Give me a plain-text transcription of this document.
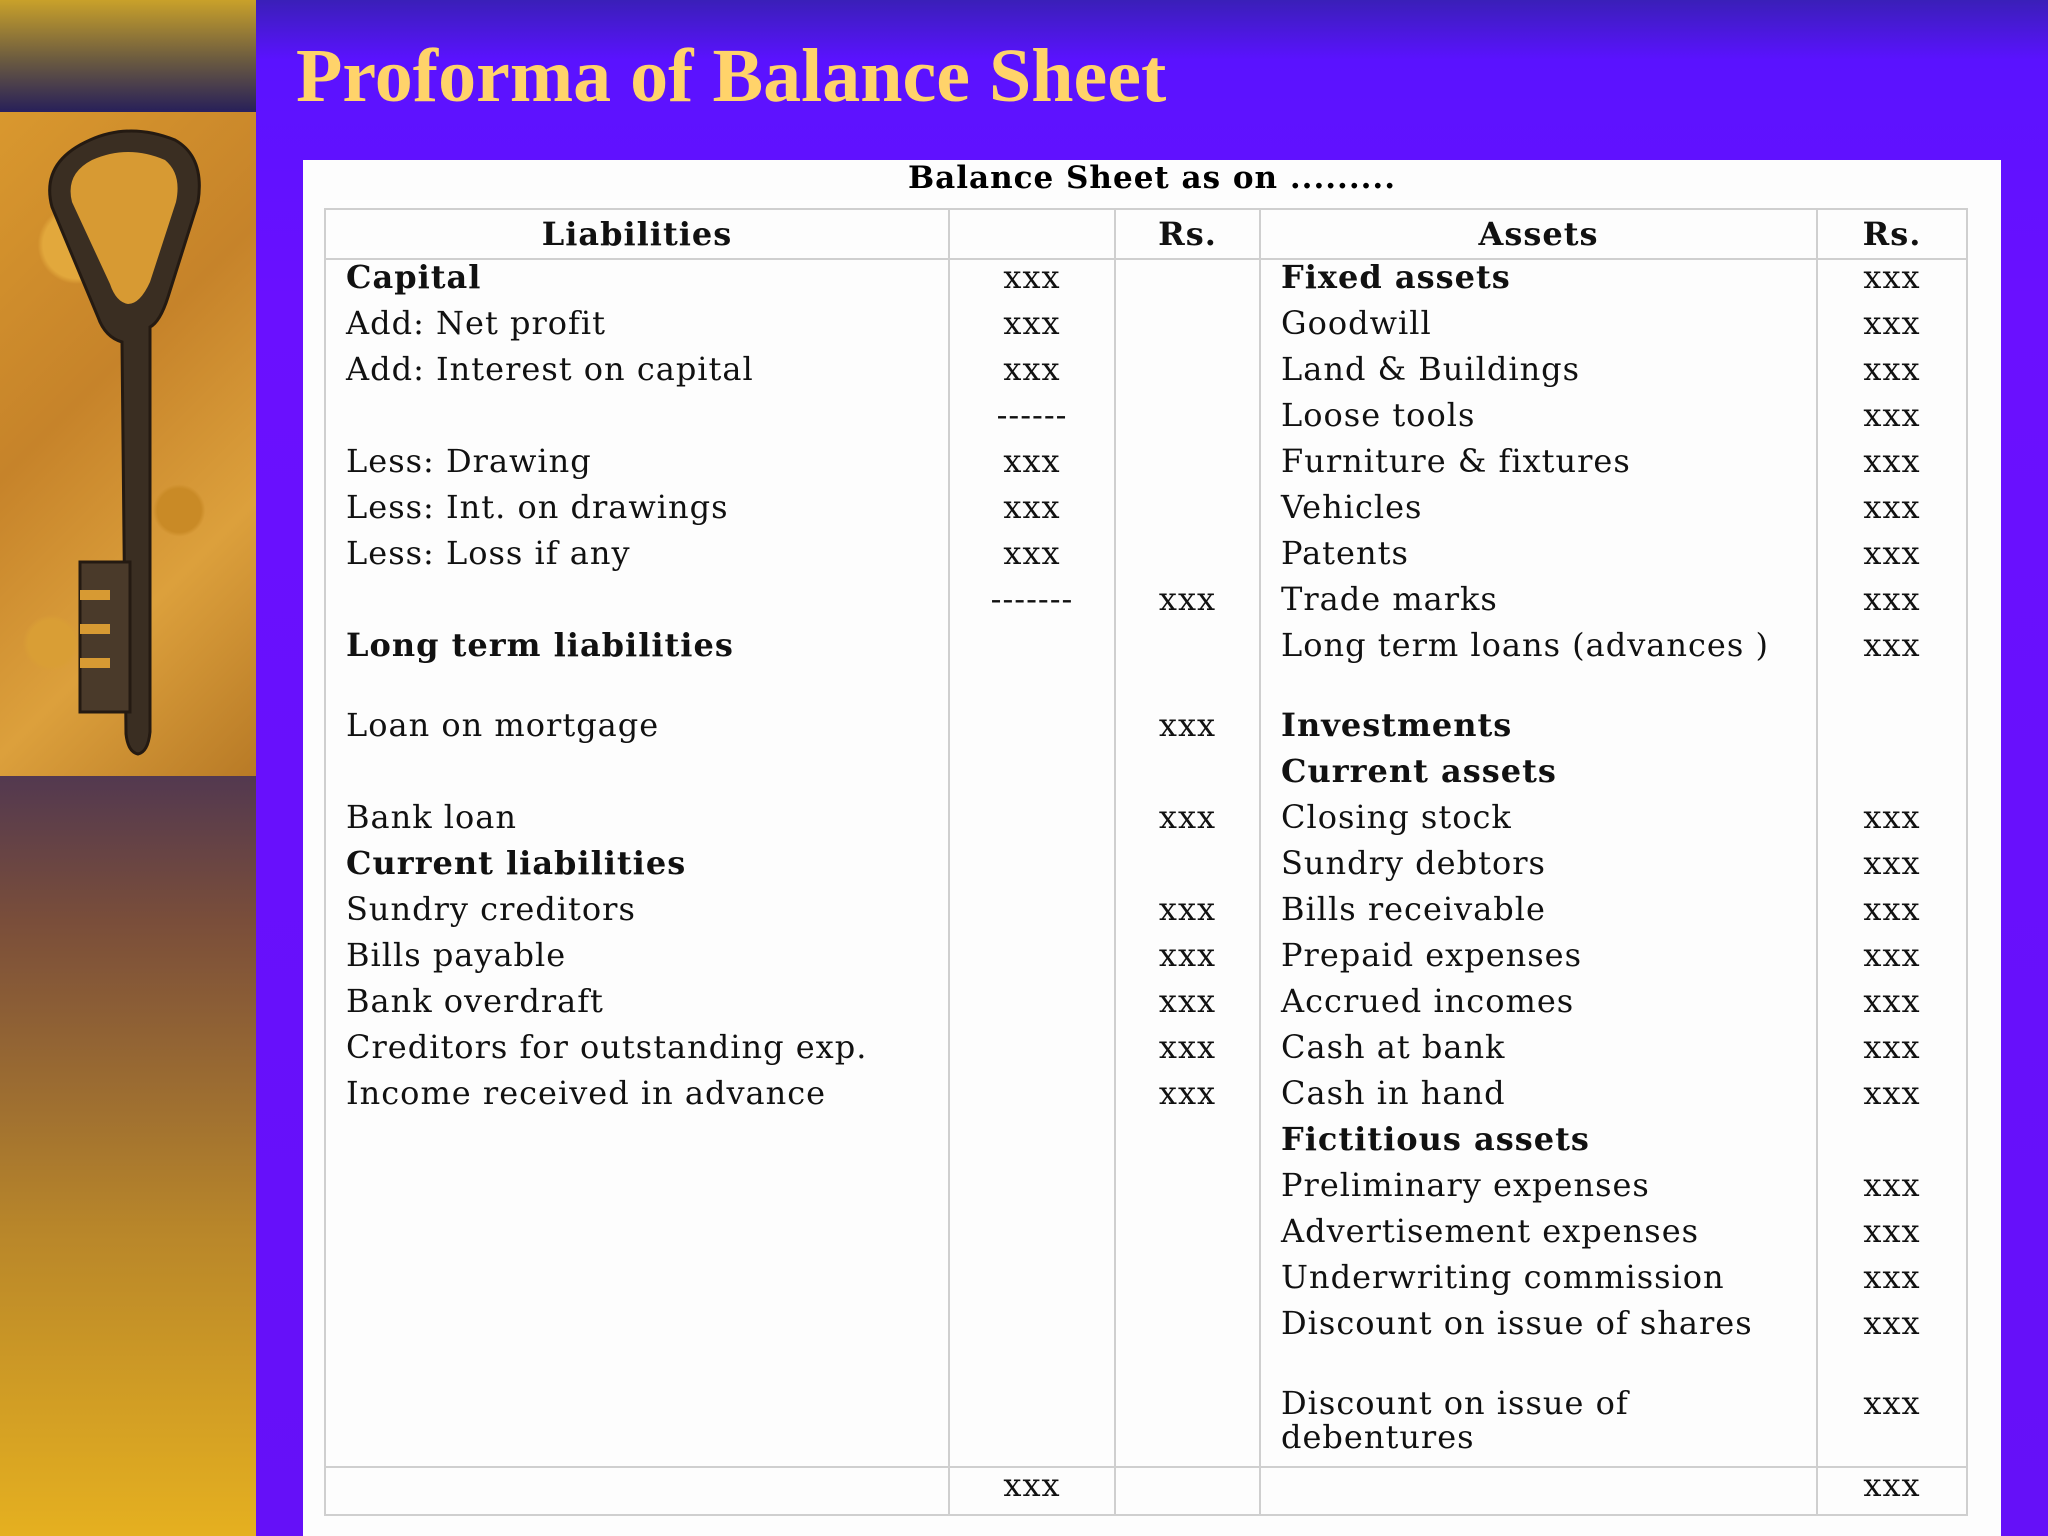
Proforma of Balance Sheet
Balance Sheet as on .........
Liabilities		Rs.	Assets	Rs.
Capital	xxx		Fixed assets	xxx
Add: Net profit	xxx		Goodwill	xxx
Add: Interest on capital	xxx		Land & Buildings	xxx
	------		Loose tools	xxx
Less: Drawing	xxx		Furniture & fixtures	xxx
Less: Int. on drawings	xxx		Vehicles	xxx
Less: Loss if any	xxx		Patents	xxx
	-------	xxx	Trade marks	xxx
Long term liabilities			Long term loans (advances )	xxx
Loan on mortgage		xxx	Investments	
			Current assets	
Bank loan		xxx	Closing stock	xxx
Current liabilities			Sundry debtors	xxx
Sundry creditors		xxx	Bills receivable	xxx
Bills payable		xxx	Prepaid expenses	xxx
Bank overdraft		xxx	Accrued incomes	xxx
Creditors for outstanding exp.		xxx	Cash at bank	xxx
Income received in advance		xxx	Cash in hand	xxx
			Fictitious assets	
			Preliminary expenses	xxx
			Advertisement expenses	xxx
			Underwriting commission	xxx
			Discount on issue of shares	xxx
			Discount on issue of debentures	xxx
	xxx			xxx
